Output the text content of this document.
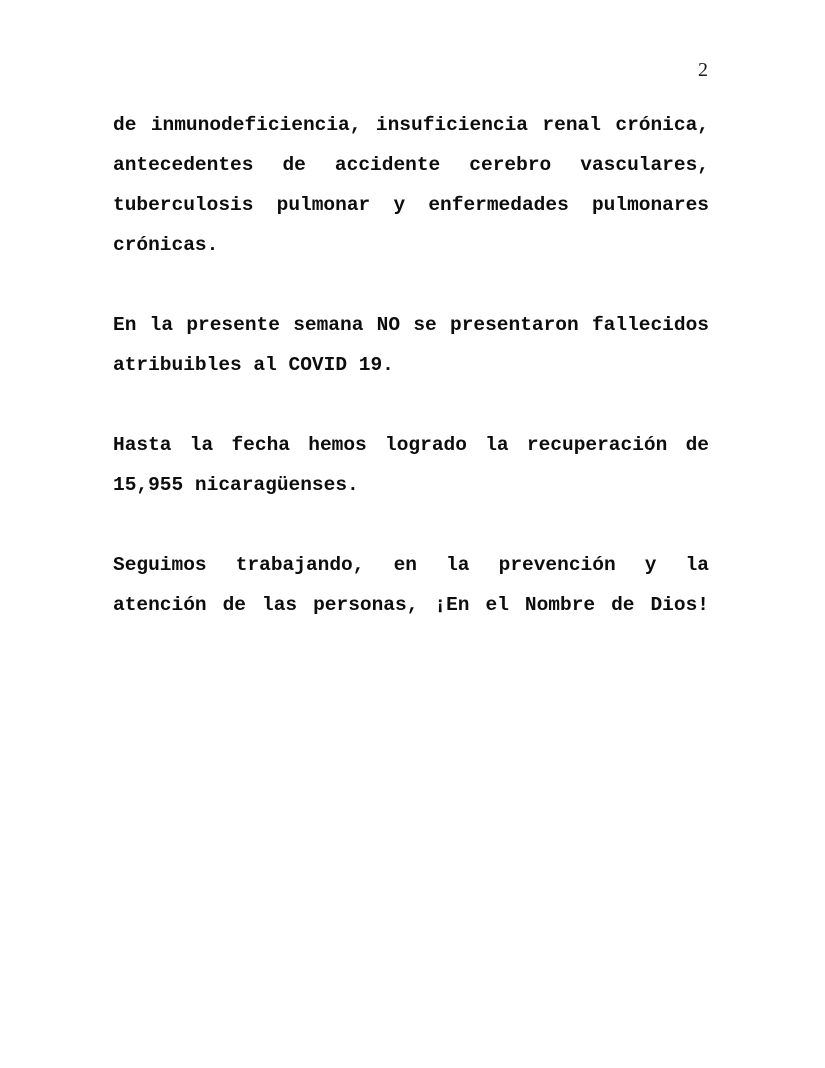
2
de inmunodeficiencia, insuficiencia renal crónica,
antecedentes de accidente cerebro vasculares,
tuberculosis pulmonar y enfermedades pulmonares
crónicas.
En la presente semana NO se presentaron fallecidos
atribuibles al COVID 19.
Hasta la fecha hemos logrado la recuperación de
15,955 nicaragüenses.
Seguimos trabajando, en la prevención y la
atención de las personas, ¡En el Nombre de Dios!
